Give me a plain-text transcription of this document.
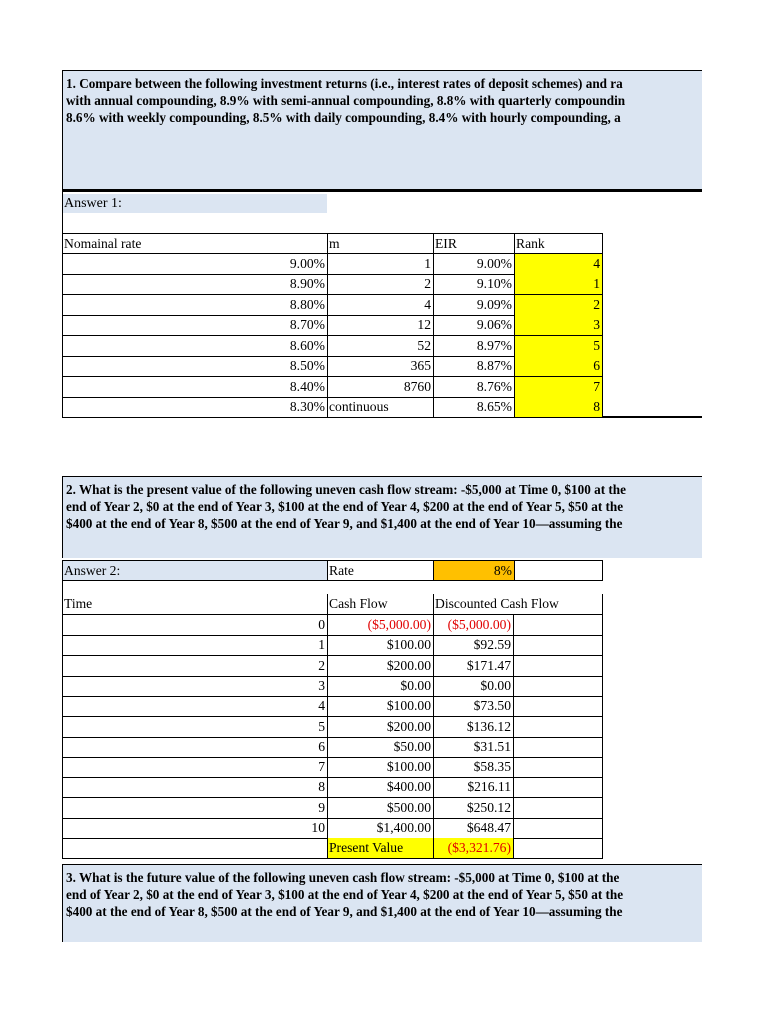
1. Compare between the following investment returns (i.e., interest rates of deposit schemes) and ra
with annual compounding, 8.9% with semi-annual compounding, 8.8% with quarterly compoundin
8.6% with weekly compounding, 8.5% with daily compounding, 8.4% with hourly compounding, a
Answer 1:
Nomainal rate	m	EIR	Rank
9.00%	1	9.00%	4
8.90%	2	9.10%	1
8.80%	4	9.09%	2
8.70%	12	9.06%	3
8.60%	52	8.97%	5
8.50%	365	8.87%	6
8.40%	8760	8.76%	7
8.30% continuous	8.65%	8
2. What is the present value of the following uneven cash flow stream: -$5,000 at Time 0, $100 at the
end of Year 2, $0 at the end of Year 3, $100 at the end of Year 4, $200 at the end of Year 5, $50 at the
$400 at the end of Year 8, $500 at the end of Year 9, and $1,400 at the end of Year 10—assuming the
Answer 2:	Rate	8%
Time	Cash Flow	Discounted Cash Flow
0	($5,000.00)	($5,000.00)
1	$100.00	$92.59
2	$200.00	$171.47
3	$0.00	$0.00
4	$100.00	$73.50
5	$200.00	$136.12
6	$50.00	$31.51
7	$100.00	$58.35
8	$400.00	$216.11
9	$500.00	$250.12
10	$1,400.00	$648.47
Present Value	($3,321.76)
3. What is the future value of the following uneven cash flow stream: -$5,000 at Time 0, $100 at the
end of Year 2, $0 at the end of Year 3, $100 at the end of Year 4, $200 at the end of Year 5, $50 at the
$400 at the end of Year 8, $500 at the end of Year 9, and $1,400 at the end of Year 10—assuming the
